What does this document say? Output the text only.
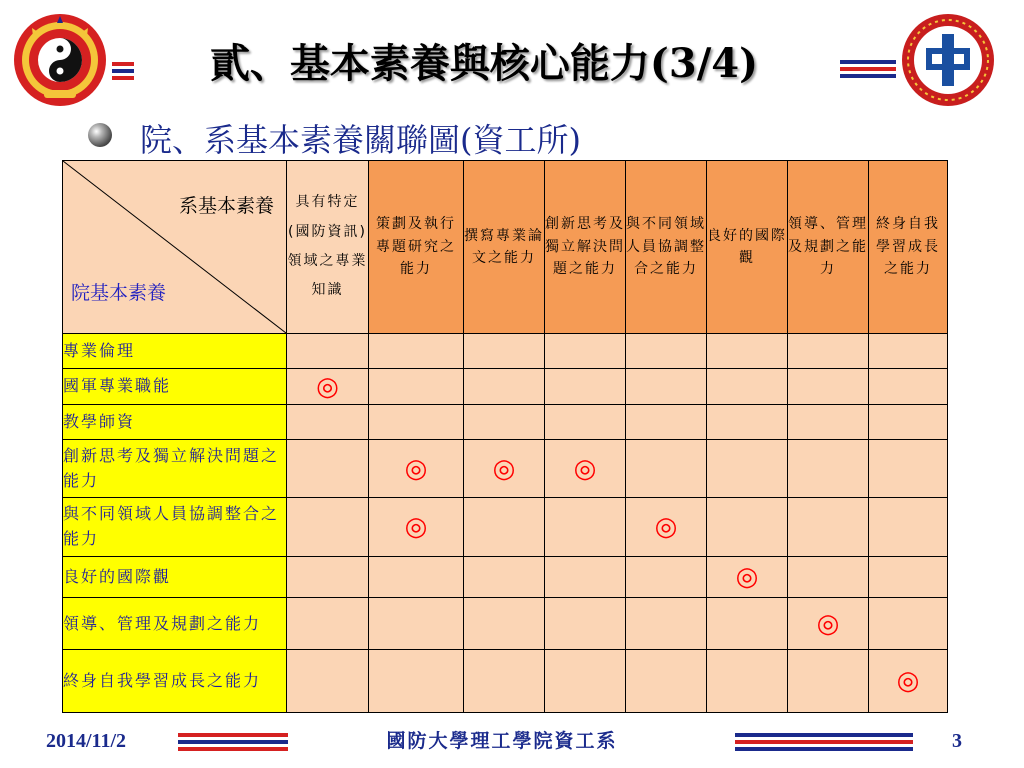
貳、基本素養與核心能力(3/4)
院、系基本素養關聯圖(資工所)
系基本素養
院基本素養	具有特定(國防資訊)領域之專業知識	策劃及執行專題研究之能力	撰寫專業論文之能力	創新思考及獨立解決問題之能力	與不同領域人員協調整合之能力	良好的國際觀	領導、管理及規劃之能力	終身自我學習成長之能力
專業倫理								
國軍專業職能	◎							
教學師資								
創新思考及獨立解決問題之能力		◎	◎	◎				
與不同領域人員協調整合之能力		◎			◎			
良好的國際觀						◎		
領導、管理及規劃之能力							◎	
終身自我學習成長之能力								◎
2014/11/2	國防大學理工學院資工系	3
